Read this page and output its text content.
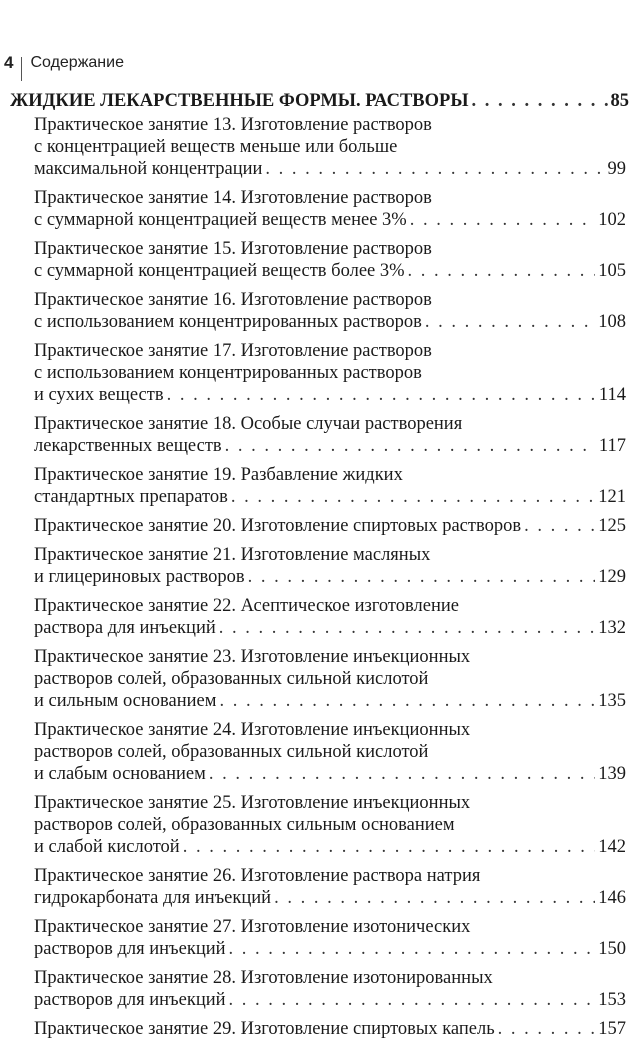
4 Содержание
ЖИДКИЕ ЛЕКАРСТВЕННЫЕ ФОРМЫ. РАСТВОРЫ . . .	85
Практическое занятие 13. Изготовление растворов
с концентрацией веществ меньше или больше
максимальной концентрации . . .	99
Практическое занятие 14. Изготовление растворов
с суммарной концентрацией веществ менее 3% . . .	102
Практическое занятие 15. Изготовление растворов
с суммарной концентрацией веществ более 3% . . .	105
Практическое занятие 16. Изготовление растворов
с использованием концентрированных растворов . . .	108
Практическое занятие 17. Изготовление растворов
с использованием концентрированных растворов
и сухих веществ . . .	114
Практическое занятие 18. Особые случаи растворения
лекарственных веществ . . .	117
Практическое занятие 19. Разбавление жидких
стандартных препаратов . . .	121
Практическое занятие 20. Изготовление спиртовых растворов . . .	125
Практическое занятие 21. Изготовление масляных
и глицериновых растворов . . .	129
Практическое занятие 22. Асептическое изготовление
раствора для инъекций . . .	132
Практическое занятие 23. Изготовление инъекционных
растворов солей, образованных сильной кислотой
и сильным основанием . . .	135
Практическое занятие 24. Изготовление инъекционных
растворов солей, образованных сильной кислотой
и слабым основанием . . .	139
Практическое занятие 25. Изготовление инъекционных
растворов солей, образованных сильным основанием
и слабой кислотой . . .	142
Практическое занятие 26. Изготовление раствора натрия
гидрокарбоната для инъекций . . .	146
Практическое занятие 27. Изготовление изотонических
растворов для инъекций . . .	150
Практическое занятие 28. Изготовление изотонированных
растворов для инъекций . . .	153
Практическое занятие 29. Изготовление спиртовых капель . . .	157
